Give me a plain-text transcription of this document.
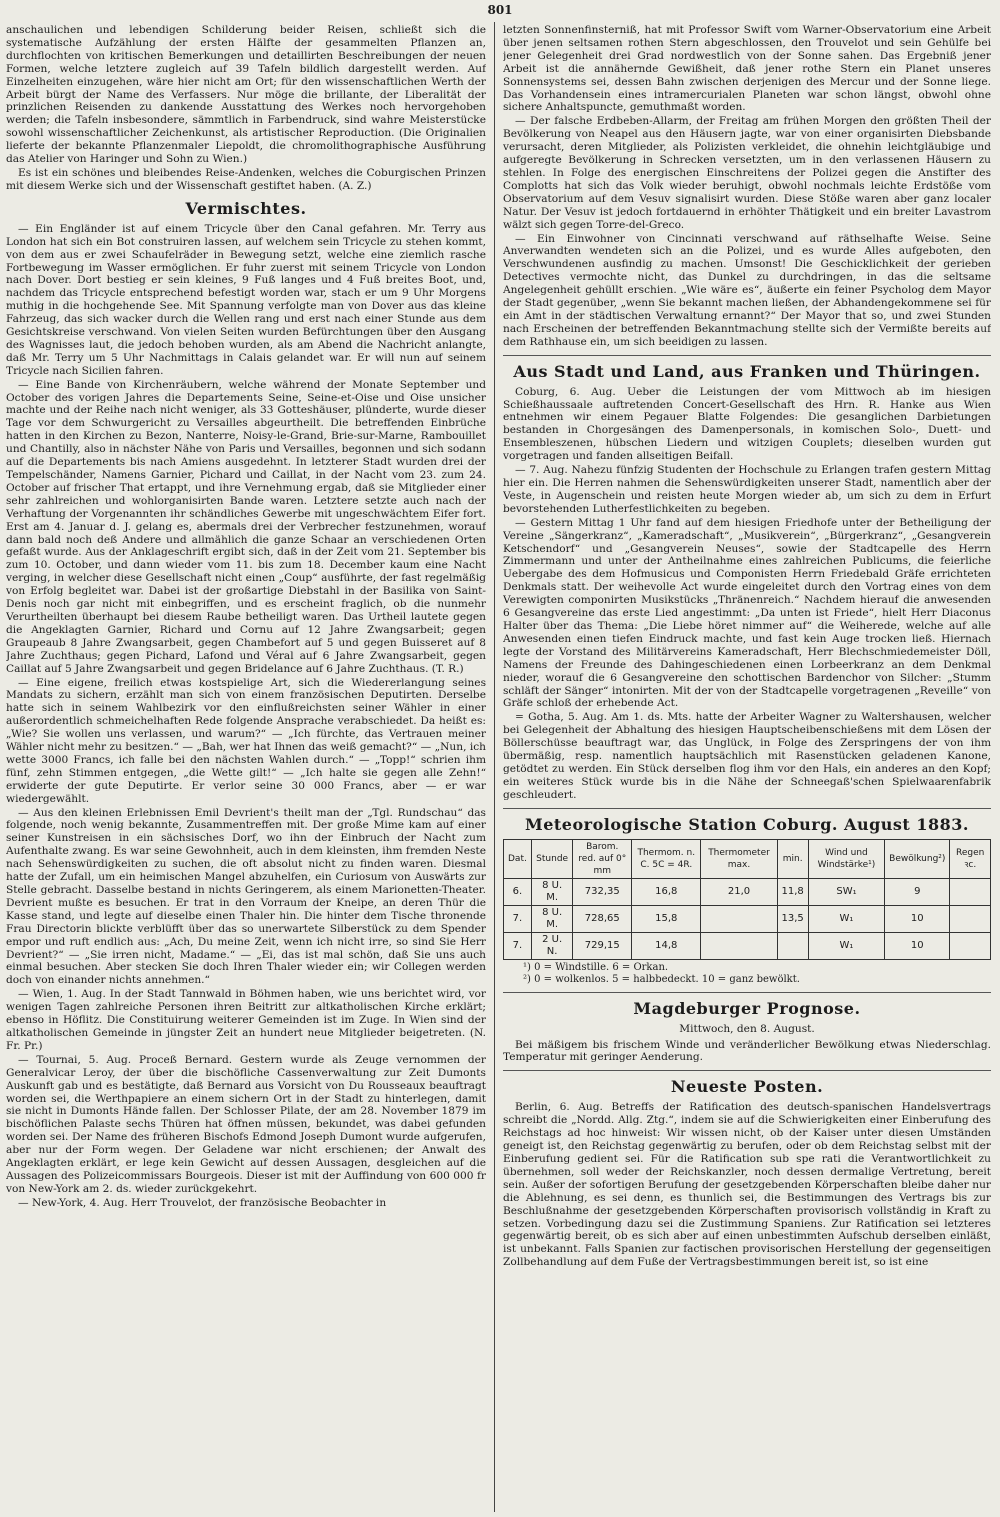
801

anschaulichen und lebendigen Schilderung beider Reisen, schließt sich die systematische Aufzählung der ersten Hälfte der gesammelten Pflanzen an, durchflochten von kritischen Bemerkungen und detaillirten Beschreibungen der neuen Formen, welche letztere zugleich auf 39 Tafeln bildlich dargestellt werden. Auf Einzelheiten einzugehen, wäre hier nicht am Ort; für den wissenschaftlichen Werth der Arbeit bürgt der Name des Verfassers. Nur möge die brillante, der Liberalität der prinzlichen Reisenden zu dankende Ausstattung des Werkes noch hervorgehoben werden; die Tafeln insbesondere, sämmtlich in Farbendruck, sind wahre Meisterstücke sowohl wissenschaftlicher Zeichenkunst, als artistischer Reproduction. (Die Originalien lieferte der bekannte Pflanzenmaler Liepoldt, die chromolithographische Ausführung das Atelier von Haringer und Sohn zu Wien.)

Es ist ein schönes und bleibendes Reise-Andenken, welches die Coburgischen Prinzen mit diesem Werke sich und der Wissenschaft gestiftet haben. (A. Z.)

Vermischtes.

— Ein Engländer ist auf einem Tricycle über den Canal gefahren. Mr. Terry aus London hat sich ein Bot construiren lassen, auf welchem sein Tricycle zu stehen kommt, von dem aus er zwei Schaufelräder in Bewegung setzt, welche eine ziemlich rasche Fortbewegung im Wasser ermöglichen. Er fuhr zuerst mit seinem Tricycle von London nach Dover. Dort bestieg er sein kleines, 9 Fuß langes und 4 Fuß breites Boot, und, nachdem das Tricycle entsprechend befestigt worden war, stach er um 9 Uhr Morgens muthig in die hochgehende See. Mit Spannung verfolgte man von Dover aus das kleine Fahrzeug, das sich wacker durch die Wellen rang und erst nach einer Stunde aus dem Gesichtskreise verschwand. Von vielen Seiten wurden Befürchtungen über den Ausgang des Wagnisses laut, die jedoch behoben wurden, als am Abend die Nachricht anlangte, daß Mr. Terry um 5 Uhr Nachmittags in Calais gelandet war. Er will nun auf seinem Tricycle nach Sicilien fahren.

— Eine Bande von Kirchenräubern, welche während der Monate September und October des vorigen Jahres die Departements Seine, Seine-et-Oise und Oise unsicher machte und der Reihe nach nicht weniger, als 33 Gotteshäuser, plünderte, wurde dieser Tage vor dem Schwurgericht zu Versailles abgeurtheilt. Die betreffenden Einbrüche hatten in den Kirchen zu Bezon, Nanterre, Noisy-le-Grand, Brie-sur-Marne, Rambouillet und Chantilly, also in nächster Nähe von Paris und Versailles, begonnen und sich sodann auf die Departements bis nach Amiens ausgedehnt. In letzterer Stadt wurden drei der Tempelschänder, Namens Garnier, Pichard und Caillat, in der Nacht vom 23. zum 24. October auf frischer That ertappt, und ihre Vernehmung ergab, daß sie Mitglieder einer sehr zahlreichen und wohlorganisirten Bande waren. Letztere setzte auch nach der Verhaftung der Vorgenannten ihr schändliches Gewerbe mit ungeschwächtem Eifer fort. Erst am 4. Januar d. J. gelang es, abermals drei der Verbrecher festzunehmen, worauf dann bald noch deß Andere und allmählich die ganze Schaar an verschiedenen Orten gefaßt wurde. Aus der Anklageschrift ergibt sich, daß in der Zeit vom 21. September bis zum 10. October, und dann wieder vom 11. bis zum 18. December kaum eine Nacht verging, in welcher diese Gesellschaft nicht einen „Coup“ ausführte, der fast regelmäßig von Erfolg begleitet war. Dabei ist der großartige Diebstahl in der Basilika von Saint-Denis noch gar nicht mit einbegriffen, und es erscheint fraglich, ob die nunmehr Verurtheilten überhaupt bei diesem Raube betheiligt waren. Das Urtheil lautete gegen die Angeklagten Garnier, Richard und Cornu auf 12 Jahre Zwangsarbeit; gegen Graupeaub 8 Jahre Zwangsarbeit, gegen Chambefort auf 5 und gegen Buisseret auf 8 Jahre Zuchthaus; gegen Pichard, Lafond und Véral auf 6 Jahre Zwangsarbeit, gegen Caillat auf 5 Jahre Zwangsarbeit und gegen Bridelance auf 6 Jahre Zuchthaus. (T. R.)

— Eine eigene, freilich etwas kostspielige Art, sich die Wiedererlangung seines Mandats zu sichern, erzählt man sich von einem französischen Deputirten. Derselbe hatte sich in seinem Wahlbezirk vor den einflußreichsten seiner Wähler in einer außerordentlich schmeichelhaften Rede folgende Ansprache verabschiedet. Da heißt es: „Wie? Sie wollen uns verlassen, und warum?“ — „Ich fürchte, das Vertrauen meiner Wähler nicht mehr zu besitzen.“ — „Bah, wer hat Ihnen das weiß gemacht?“ — „Nun, ich wette 3000 Francs, ich falle bei den nächsten Wahlen durch.“ — „Topp!“ schrien ihm fünf, zehn Stimmen entgegen, „die Wette gilt!“ — „Ich halte sie gegen alle Zehn!“ erwiderte der gute Deputirte. Er verlor seine 30 000 Francs, aber — er war wiedergewählt.

— Aus den kleinen Erlebnissen Emil Devrient's theilt man der „Tgl. Rundschau“ das folgende, noch wenig bekannte, Zusammentreffen mit. Der große Mime kam auf einer seiner Kunstreisen in ein sächsisches Dorf, wo ihn der Einbruch der Nacht zum Aufenthalte zwang. Es war seine Gewohnheit, auch in dem kleinsten, ihm fremden Neste nach Sehenswürdigkeiten zu suchen, die oft absolut nicht zu finden waren. Diesmal hatte der Zufall, um ein heimischen Mangel abzuhelfen, ein Curiosum von Auswärts zur Stelle gebracht. Dasselbe bestand in nichts Geringerem, als einem Marionetten-Theater. Devrient mußte es besuchen. Er trat in den Vorraum der Kneipe, an deren Thür die Kasse stand, und legte auf dieselbe einen Thaler hin. Die hinter dem Tische thronende Frau Directorin blickte verblüfft über das so unerwartete Silberstück zu dem Spender empor und ruft endlich aus: „Ach, Du meine Zeit, wenn ich nicht irre, so sind Sie Herr Devrient?“ — „Sie irren nicht, Madame.“ — „Ei, das ist mal schön, daß Sie uns auch einmal besuchen. Aber stecken Sie doch Ihren Thaler wieder ein; wir Collegen werden doch von einander nichts annehmen.“

— Wien, 1. Aug. In der Stadt Tannwald in Böhmen haben, wie uns berichtet wird, vor wenigen Tagen zahlreiche Personen ihren Beitritt zur altkatholischen Kirche erklärt; ebenso in Höflitz. Die Constituirung weiterer Gemeinden ist im Zuge. In Wien sind der altkatholischen Gemeinde in jüngster Zeit an hundert neue Mitglieder beigetreten. (N. Fr. Pr.)

— Tournai, 5. Aug. Proceß Bernard. Gestern wurde als Zeuge vernommen der Generalvicar Leroy, der über die bischöfliche Cassenverwaltung zur Zeit Dumonts Auskunft gab und es bestätigte, daß Bernard aus Vorsicht von Du Rousseaux beauftragt worden sei, die Werthpapiere an einem sichern Ort in der Stadt zu hinterlegen, damit sie nicht in Dumonts Hände fallen. Der Schlosser Pilate, der am 28. November 1879 im bischöflichen Palaste sechs Thüren hat öffnen müssen, bekundet, was dabei gefunden worden sei. Der Name des früheren Bischofs Edmond Joseph Dumont wurde aufgerufen, aber nur der Form wegen. Der Geladene war nicht erschienen; der Anwalt des Angeklagten erklärt, er lege kein Gewicht auf dessen Aussagen, desgleichen auf die Aussagen des Polizeicommissars Bourgeois. Dieser ist mit der Auffindung von 600 000 fr von New-York am 2. ds. wieder zurückgekehrt.

— New-York, 4. Aug. Herr Trouvelot, der französische Beobachter in

letzten Sonnenfinsterniß, hat mit Professor Swift vom Warner-Observatorium eine Arbeit über jenen seltsamen rothen Stern abgeschlossen, den Trouvelot und sein Gehülfe bei jener Gelegenheit drei Grad nordwestlich von der Sonne sahen. Das Ergebniß jener Arbeit ist die annähernde Gewißheit, daß jener rothe Stern ein Planet unseres Sonnensystems sei, dessen Bahn zwischen derjenigen des Mercur und der Sonne liege. Das Vorhandensein eines intramercurialen Planeten war schon längst, obwohl ohne sichere Anhaltspuncte, gemuthmaßt worden.

— Der falsche Erdbeben-Allarm, der Freitag am frühen Morgen den größten Theil der Bevölkerung von Neapel aus den Häusern jagte, war von einer organisirten Diebsbande verursacht, deren Mitglieder, als Polizisten verkleidet, die ohnehin leichtgläubige und aufgeregte Bevölkerung in Schrecken versetzten, um in den verlassenen Häusern zu stehlen. In Folge des energischen Einschreitens der Polizei gegen die Anstifter des Complotts hat sich das Volk wieder beruhigt, obwohl nochmals leichte Erdstöße vom Observatorium auf dem Vesuv signalisirt wurden. Diese Stöße waren aber ganz localer Natur. Der Vesuv ist jedoch fortdauernd in erhöhter Thätigkeit und ein breiter Lavastrom wälzt sich gegen Torre-del-Greco.

— Ein Einwohner von Cincinnati verschwand auf räthselhafte Weise. Seine Anverwandten wendeten sich an die Polizei, und es wurde Alles aufgeboten, den Verschwundenen ausfindig zu machen. Umsonst! Die Geschicklichkeit der gerieben Detectives vermochte nicht, das Dunkel zu durchdringen, in das die seltsame Angelegenheit gehüllt erschien. „Wie wäre es“, äußerte ein feiner Psycholog dem Mayor der Stadt gegenüber, „wenn Sie bekannt machen ließen, der Abhandengekommene sei für ein Amt in der städtischen Verwaltung ernannt?“ Der Mayor that so, und zwei Stunden nach Erscheinen der betreffenden Bekanntmachung stellte sich der Vermißte bereits auf dem Rathhause ein, um sich beeidigen zu lassen.

Aus Stadt und Land, aus Franken und Thüringen.

Coburg, 6. Aug. Ueber die Leistungen der vom Mittwoch ab im hiesigen Schießhaussaale auftretenden Concert-Gesellschaft des Hrn. R. Hanke aus Wien entnehmen wir einem Pegauer Blatte Folgendes: Die gesanglichen Darbietungen bestanden in Chorgesängen des Damenpersonals, in komischen Solo-, Duett- und Ensembleszenen, hübschen Liedern und witzigen Couplets; dieselben wurden gut vorgetragen und fanden allseitigen Beifall.

— 7. Aug. Nahezu fünfzig Studenten der Hochschule zu Erlangen trafen gestern Mittag hier ein. Die Herren nahmen die Sehenswürdigkeiten unserer Stadt, namentlich aber der Veste, in Augenschein und reisten heute Morgen wieder ab, um sich zu dem in Erfurt bevorstehenden Lutherfestlichkeiten zu begeben.

— Gestern Mittag 1 Uhr fand auf dem hiesigen Friedhofe unter der Betheiligung der Vereine „Sängerkranz“, „Kameradschaft“, „Musikverein“, „Bürgerkranz“, „Gesangverein Ketschendorf“ und „Gesangverein Neuses“, sowie der Stadtcapelle des Herrn Zimmermann und unter der Antheilnahme eines zahlreichen Publicums, die feierliche Uebergabe des dem Hofmusicus und Componisten Herrn Friedebald Gräfe errichteten Denkmals statt. Der weihevolle Act wurde eingeleitet durch den Vortrag eines von dem Verewigten componirten Musikstücks „Thränenreich.“ Nachdem hierauf die anwesenden 6 Gesangvereine das erste Lied angestimmt: „Da unten ist Friede“, hielt Herr Diaconus Halter über das Thema: „Die Liebe höret nimmer auf“ die Weiherede, welche auf alle Anwesenden einen tiefen Eindruck machte, und fast kein Auge trocken ließ. Hiernach legte der Vorstand des Militärvereins Kameradschaft, Herr Blechschmiedemeister Döll, Namens der Freunde des Dahingeschiedenen einen Lorbeerkranz an dem Denkmal nieder, worauf die 6 Gesangvereine den schottischen Bardenchor von Silcher: „Stumm schläft der Sänger“ intonirten. Mit der von der Stadtcapelle vorgetragenen „Reveille“ von Gräfe schloß der erhebende Act.

= Gotha, 5. Aug. Am 1. ds. Mts. hatte der Arbeiter Wagner zu Waltershausen, welcher bei Gelegenheit der Abhaltung des hiesigen Hauptscheibenschießens mit dem Lösen der Böllerschüsse beauftragt war, das Unglück, in Folge des Zerspringens der von ihm übermäßig, resp. namentlich hauptsächlich mit Rasenstücken geladenen Kanone, getödtet zu werden. Ein Stück derselben flog ihm vor den Hals, ein anderes an den Kopf; ein weiteres Stück wurde bis in die Nähe der Schneegaß'schen Spielwaarenfabrik geschleudert.

Meteorologische Station Coburg. August 1883.
Dat.	Stunde	Barom. red. auf 0° mm	Thermom. n. C. 5C = 4R.	Thermometer max.	min.	Wind und Windstärke¹)	Bewölkung²)	Regen ꝛc.
6.	8 U. M.	732,35	16,8	21,0	11,8	SW₁	9	
7.	8 U. M.	728,65	15,8		13,5	W₁	10	
7.	2 U. N.	729,15	14,8			W₁	10	
¹) 0 = Windstille. 6 = Orkan.
²) 0 = wolkenlos. 5 = halbbedeckt. 10 = ganz bewölkt.
Magdeburger Prognose.
Mittwoch, den 8. August.

Bei mäßigem bis frischem Winde und veränderlicher Bewölkung etwas Niederschlag. Temperatur mit geringer Aenderung.

Neueste Posten.

Berlin, 6. Aug. Betreffs der Ratification des deutsch-spanischen Handelsvertrags schreibt die „Nordd. Allg. Ztg.“, indem sie auf die Schwierigkeiten einer Einberufung des Reichstags ad hoc hinweist: Wir wissen nicht, ob der Kaiser unter diesen Umständen geneigt ist, den Reichstag gegenwärtig zu berufen, oder ob dem Reichstag selbst mit der Einberufung gedient sei. Für die Ratification sub spe rati die Verantwortlichkeit zu übernehmen, soll weder der Reichskanzler, noch dessen dermalige Vertretung, bereit sein. Außer der sofortigen Berufung der gesetzgebenden Körperschaften bleibe daher nur die Ablehnung, es sei denn, es thunlich sei, die Bestimmungen des Vertrags bis zur Beschlußnahme der gesetzgebenden Körperschaften provisorisch vollständig in Kraft zu setzen. Vorbedingung dazu sei die Zustimmung Spaniens. Zur Ratification sei letzteres gegenwärtig bereit, ob es sich aber auf einen unbestimmten Aufschub derselben einläßt, ist unbekannt. Falls Spanien zur factischen provisorischen Herstellung der gegenseitigen Zollbehandlung auf dem Fuße der Vertragsbestimmungen bereit ist, so ist eine
